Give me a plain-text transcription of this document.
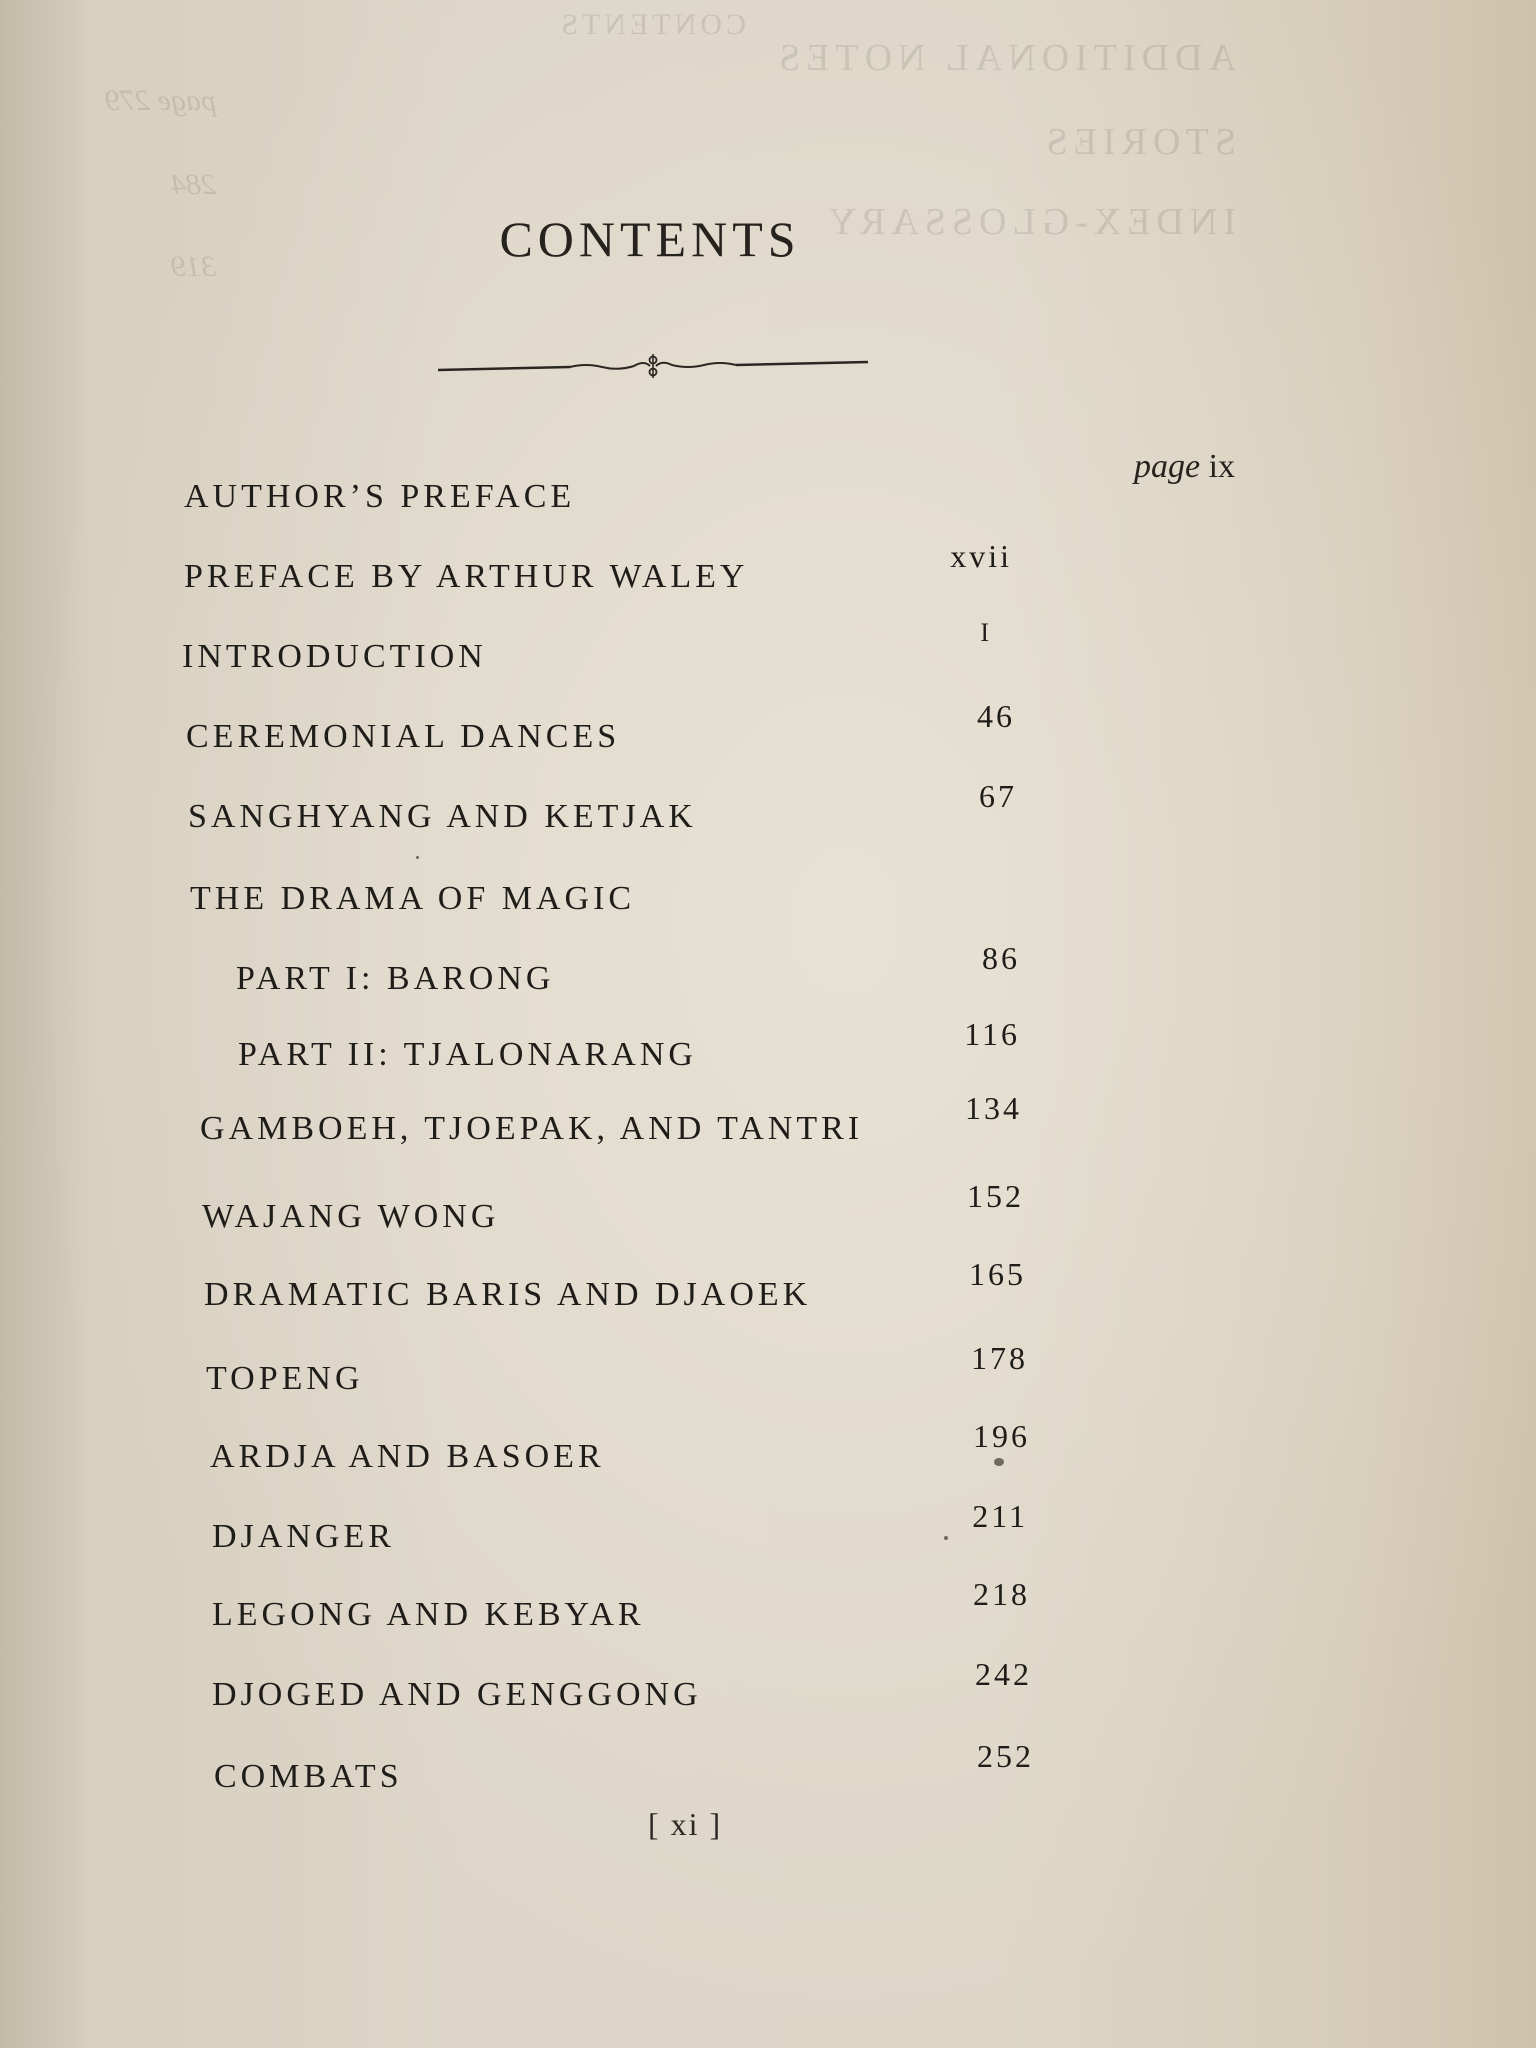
CONTENTS
ADDITIONAL NOTES
STORIES
INDEX-GLOSSARY
page 279
284
319	CONTENTS
page ix
AUTHOR’S PREFACE
PREFACE BY ARTHUR WALEY
xvii
INTRODUCTION
I
CEREMONIAL DANCES
46
SANGHYANG AND KETJAK
67
THE DRAMA OF MAGIC
PART I: BARONG
86
PART II: TJALONARANG
116
GAMBOEH, TJOEPAK, AND TANTRI
134
WAJANG WONG
152
DRAMATIC BARIS AND DJAOEK
165
TOPENG
178
ARDJA AND BASOER
196
DJANGER
211
LEGONG AND KEBYAR
218
DJOGED AND GENGGONG
242
COMBATS
252
[ xi ]
